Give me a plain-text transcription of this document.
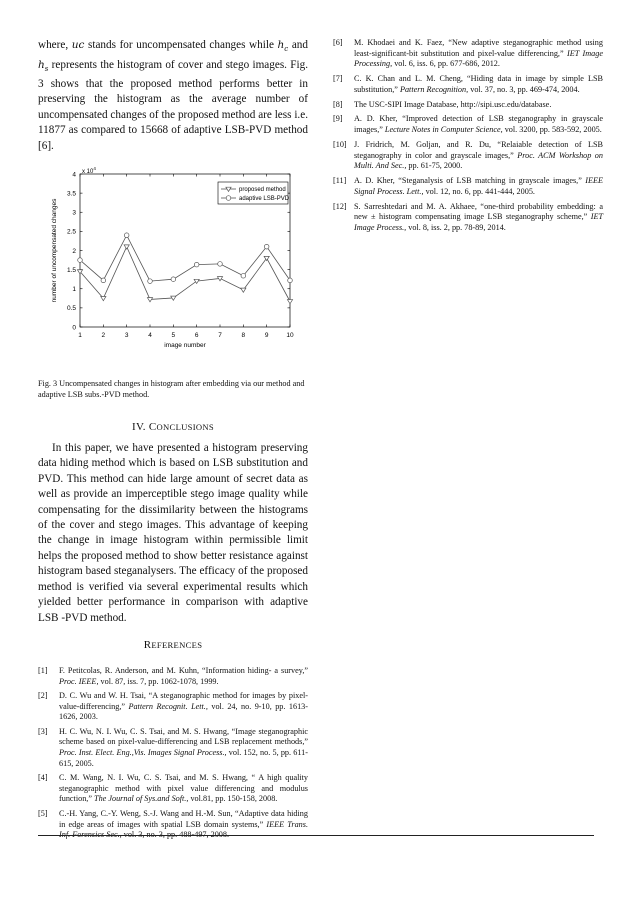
where, uc stands for uncompensated changes while $h_c$ and $h_s$ represents the histogram of cover and stego images. Fig. 3 shows that the proposed method performs better in preserving the histogram as the average number of uncompensated changes of the proposed method are less i.e. 11877 as compared to 15668 of adaptive LSB-PVD method [6].

1	2	3	4	5	6	7	8	9	10
0
0.5
1
1.5
2
2.5
3
3.5
4 x $10^4$
image number
number of uncompensated changes
proposed method
adaptive LSB-PVD

Fig. 3 Uncompensated changes in histogram after embedding via our method and adaptive LSB subs.-PVD method.

IV. CONCLUSIONS

In this paper, we have presented a histogram preserving data hiding method which is based on LSB substitution and PVD. This method can hide large amount of secret data as well as provide an imperceptible stego image quality while compensating for the dissimilarity between the histograms of the cover and stego images. This advantage of keeping the change in image histogram within permissible limit helps the proposed method to show better resistance against histogram based steganalysers. The efficacy of the proposed method is verified via several experimental results which yielded better performance in comparison with adaptive LSB -PVD method.

REFERENCES
[1] F. Petitcolas, R. Anderson, and M. Kuhn, “Information hiding- a survey,” Proc. IEEE, vol. 87, iss. 7, pp. 1062-1078, 1999.
[2] D. C. Wu and W. H. Tsai, “A steganographic method for images by pixel-value-differencing,” Pattern Recognit. Lett., vol. 24, no. 9-10, pp. 1613-1626, 2003.
[3] H. C. Wu, N. I. Wu, C. S. Tsai, and M. S. Hwang, “Image steganographic scheme based on pixel-value-differencing and LSB replacement methods,” Proc. Inst. Elect. Eng.,Vis. Images Signal Process., vol. 152, no. 5, pp. 611-615, 2005.
[4] C. M. Wang, N. I. Wu, C. S. Tsai, and M. S. Hwang, “ A high quality steganographic method with pixel value differencing and modulus function,” The Journal of Sys.and Soft., vol.81, pp. 150-158, 2008.
[5] C.-H. Yang, C.-Y. Weng, S.-J. Wang and H.-M. Sun, “Adaptive data hiding in edge areas of images with spatial LSB domain systems,” IEEE Trans. Inf. Forensics Sec., vol. 3, no. 3, pp. 488-497, 2008.
[6] M. Khodaei and K. Faez, “New adaptive steganographic method using least-significant-bit substitution and pixel-value differencing,” IET Image Processing, vol. 6, iss. 6, pp. 677-686, 2012.
[7] C. K. Chan and L. M. Cheng, “Hiding data in image by simple LSB substitution,” Pattern Recognition, vol. 37, no. 3, pp. 469-474, 2004.
[8] The USC-SIPI Image Database, http://sipi.usc.edu/database.
[9] A. D. Kher, “Improved detection of LSB steganography in grayscale images,” Lecture Notes in Computer Science, vol. 3200, pp. 583-592, 2005.
[10] J. Fridrich, M. Goljan, and R. Du, “Relaiable detection of LSB steganography in color and grayscale images,” Proc. ACM Workshop on Multi. And Sec., pp. 61-75, 2000.
[11] A. D. Kher, “Steganalysis of LSB matching in grayscale images,” IEEE Signal Process. Lett., vol. 12, no. 6, pp. 441-444, 2005.
[12] S. Sarreshtedari and M. A. Akhaee, “one-third probability embedding: a new ± histogram compensating image LSB steganography scheme,” IET Image Process., vol. 8, iss. 2, pp. 78-89, 2014.
